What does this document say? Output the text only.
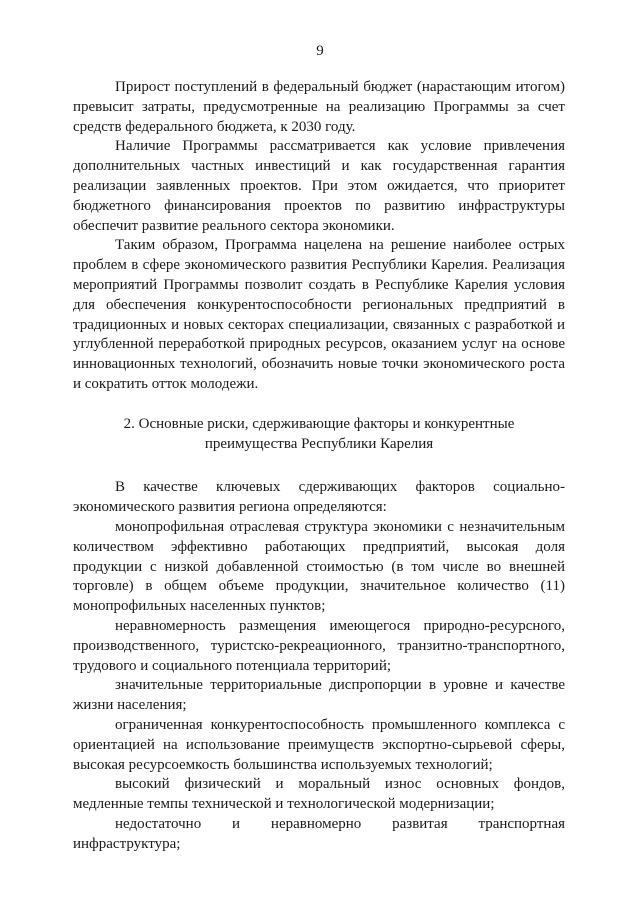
9

Прирост поступлений в федеральный бюджет (нарастающим итогом) превысит затраты, предусмотренные на реализацию Программы за счет средств федерального бюджета, к 2030 году.

Наличие Программы рассматривается как условие привлечения дополнительных частных инвестиций и как государственная гарантия реализации заявленных проектов. При этом ожидается, что приоритет бюджетного финансирования проектов по развитию инфраструктуры обеспечит развитие реального сектора экономики.

Таким образом, Программа нацелена на решение наиболее острых проблем в сфере экономического развития Республики Карелия. Реализация мероприятий Программы позволит создать в Республике Карелия условия для обеспечения конкурентоспособности региональных предприятий в традиционных и новых секторах специализации, связанных с разработкой и углубленной переработкой природных ресурсов, оказанием услуг на основе инновационных технологий, обозначить новые точки экономического роста и сократить отток молодежи.

2. Основные риски, сдерживающие факторы и конкурентные
преимущества Республики Карелия

В качестве ключевых сдерживающих факторов социально-экономического развития региона определяются:

монопрофильная отраслевая структура экономики с незначительным количеством эффективно работающих предприятий, высокая доля продукции с низкой добавленной стоимостью (в том числе во внешней торговле) в общем объеме продукции, значительное количество (11) монопрофильных населенных пунктов;

неравномерность размещения имеющегося природно-ресурсного, производственного, туристско-рекреационного, транзитно-транспортного, трудового и социального потенциала территорий;

значительные территориальные диспропорции в уровне и качестве жизни населения;

ограниченная конкурентоспособность промышленного комплекса с ориентацией на использование преимуществ экспортно-сырьевой сферы, высокая ресурсоемкость большинства используемых технологий;

высокий физический и моральный износ основных фондов, медленные темпы технической и технологической модернизации;

недостаточно и неравномерно развитая транспортная инфраструктура;
